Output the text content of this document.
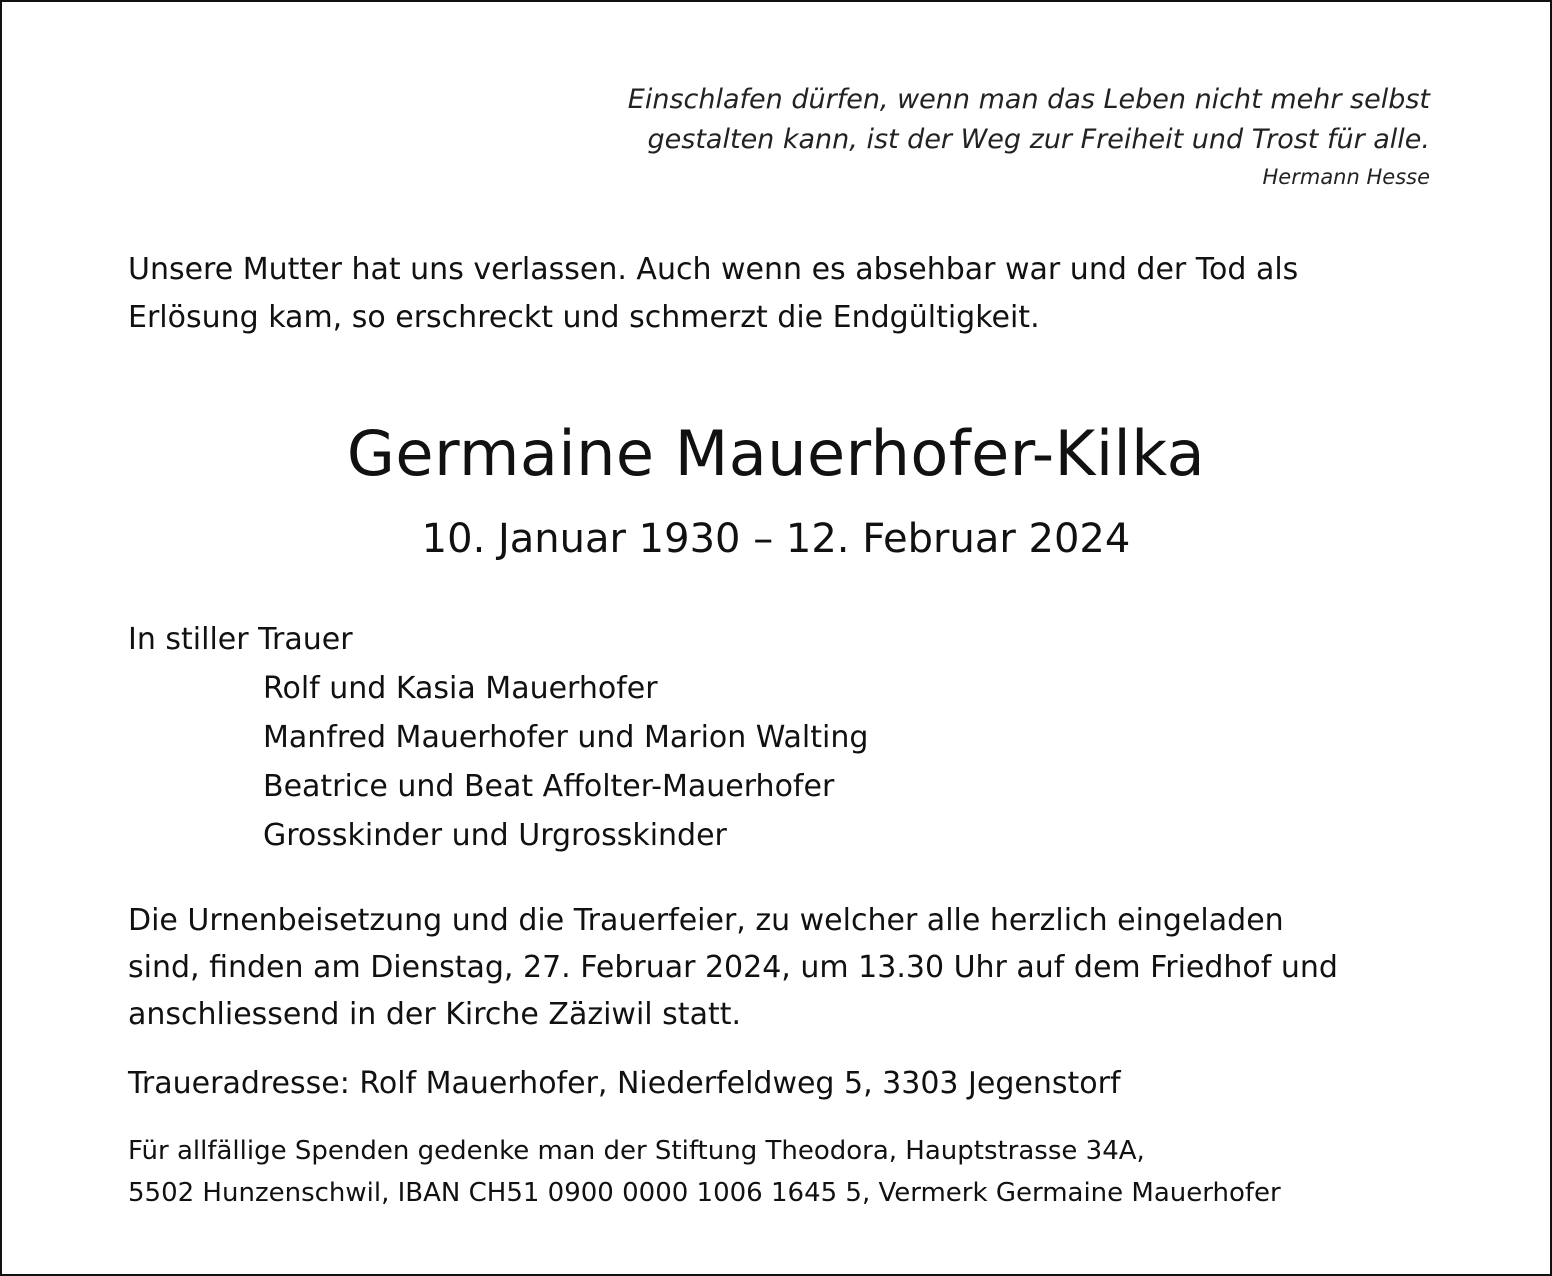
Einschlafen dürfen, wenn man das Leben nicht mehr selbst
gestalten kann, ist der Weg zur Freiheit und Trost für alle.
Hermann Hesse
Unsere Mutter hat uns verlassen. Auch wenn es absehbar war und der Tod als
Erlösung kam, so erschreckt und schmerzt die Endgültigkeit.
Germaine Mauerhofer-Kilka
10. Januar 1930 – 12. Februar 2024
In stiller Trauer
Rolf und Kasia Mauerhofer
Manfred Mauerhofer und Marion Walting
Beatrice und Beat Affolter-Mauerhofer
Grosskinder und Urgrosskinder
Die Urnenbeisetzung und die Trauerfeier, zu welcher alle herzlich eingeladen
sind, finden am Dienstag, 27. Februar 2024, um 13.30 Uhr auf dem Friedhof und
anschliessend in der Kirche Zäziwil statt.
Traueradresse: Rolf Mauerhofer, Niederfeldweg 5, 3303 Jegenstorf
Für allfällige Spenden gedenke man der Stiftung Theodora, Hauptstrasse 34A,
5502 Hunzenschwil, IBAN CH51 0900 0000 1006 1645 5, Vermerk Germaine Mauerhofer
